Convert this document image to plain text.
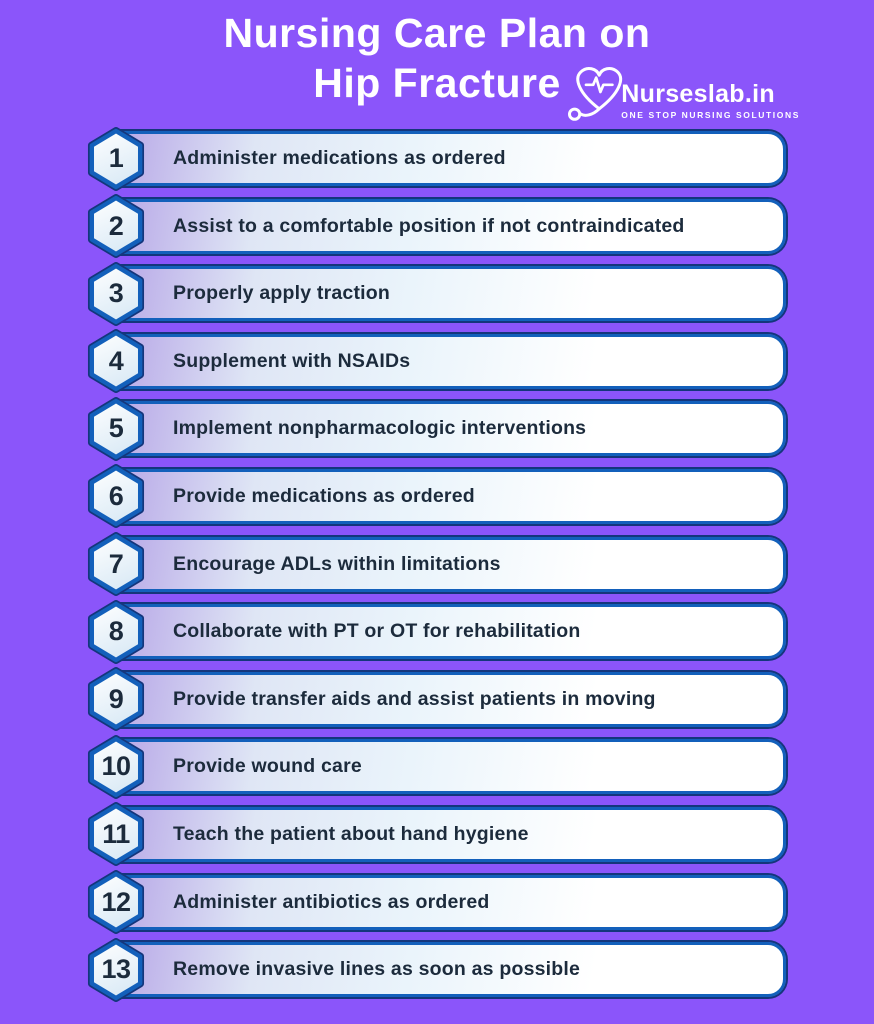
Nursing Care Plan on
Hip Fracture	Nurseslab.in
ONE STOP NURSING SOLUTIONS
1	Administer medications as ordered
2	Assist to a comfortable position if not contraindicated
3	Properly apply traction
4	Supplement with NSAIDs
5	Implement nonpharmacologic interventions
6	Provide medications as ordered
7	Encourage ADLs within limitations
8	Collaborate with PT or OT for rehabilitation
9	Provide transfer aids and assist patients in moving
10	Provide wound care
11	Teach the patient about hand hygiene
12	Administer antibiotics as ordered
13	Remove invasive lines as soon as possible
